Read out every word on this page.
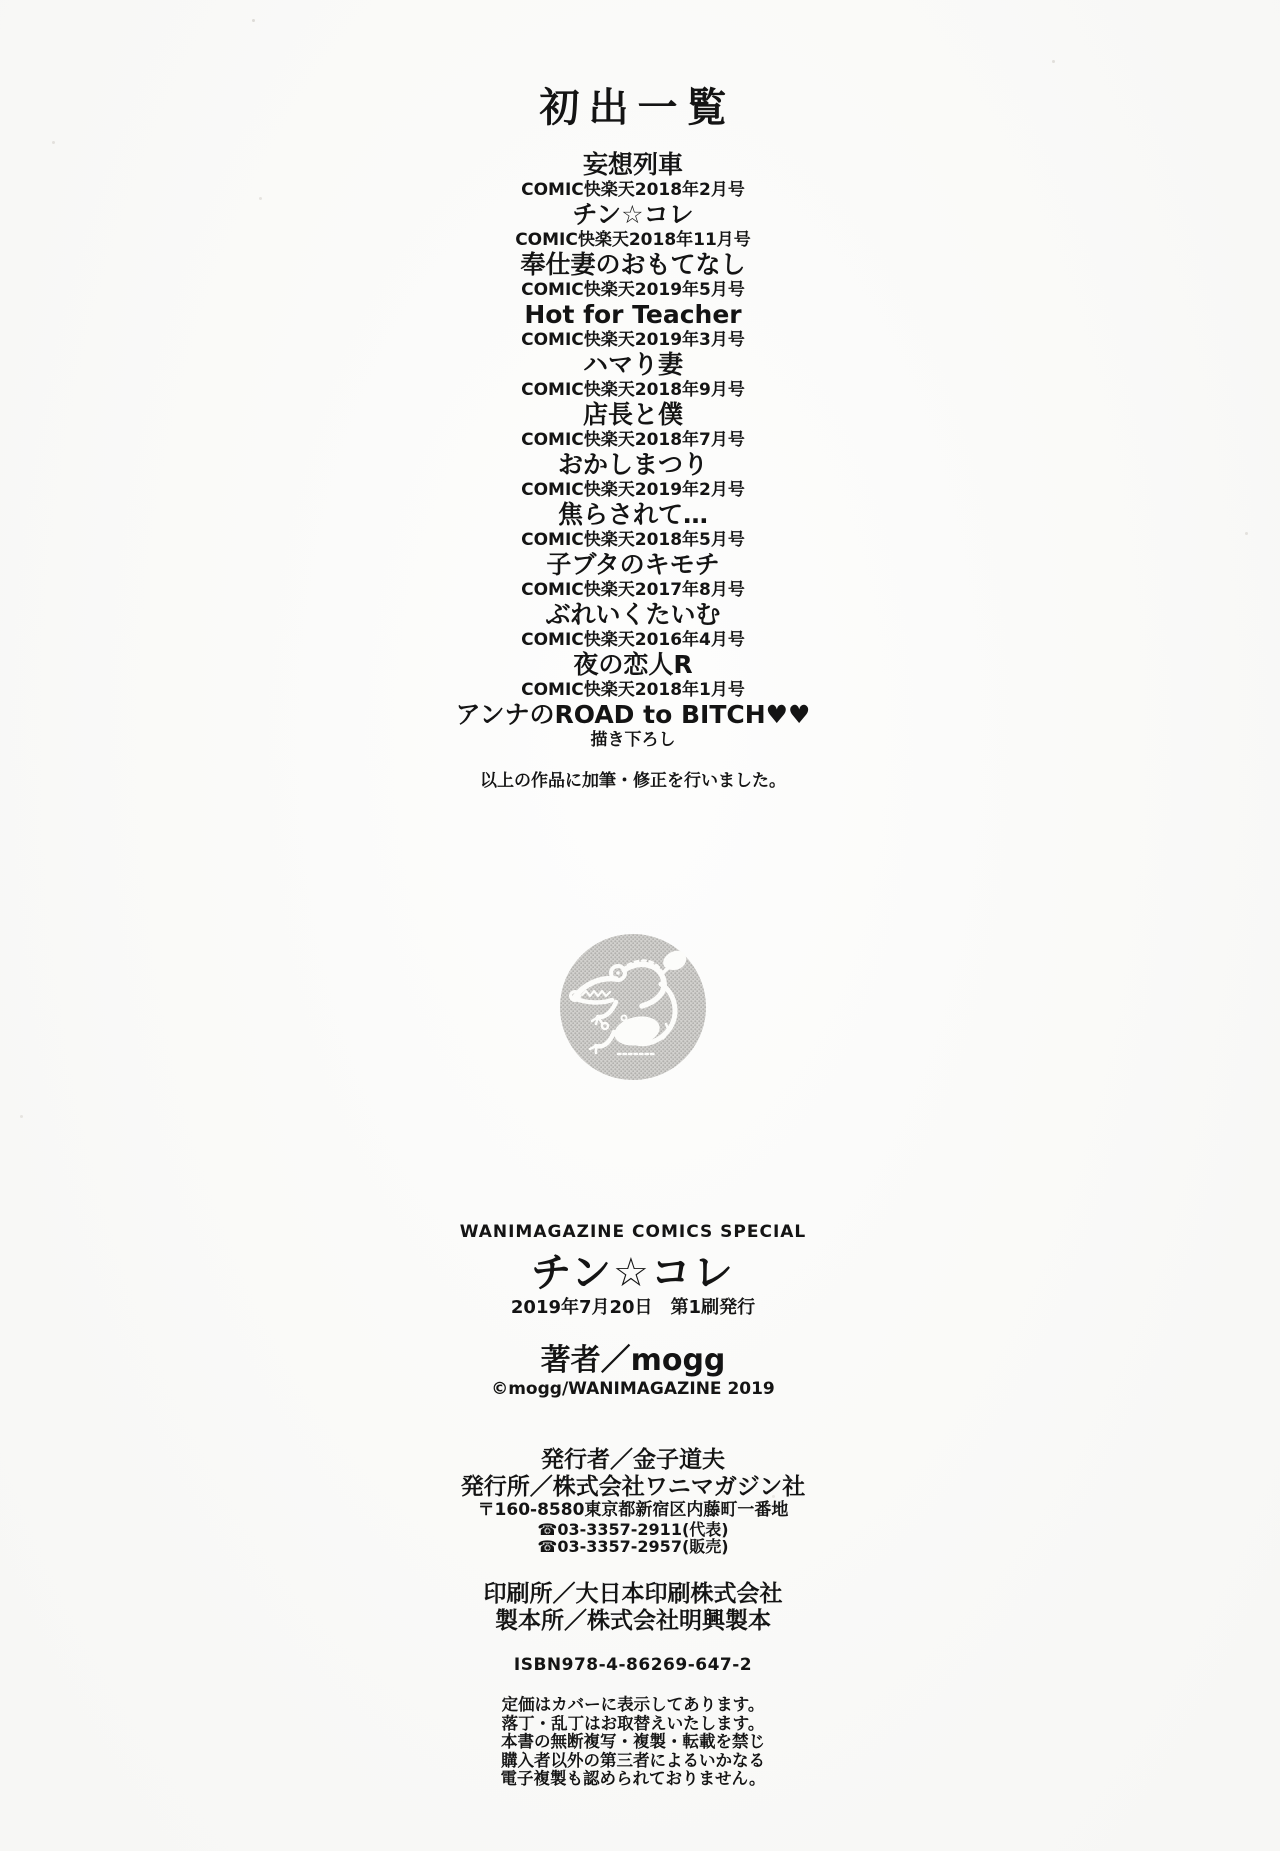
初出一覧
妄想列車
COMIC快楽天2018年2月号
チン☆コレ
COMIC快楽天2018年11月号
奉仕妻のおもてなし
COMIC快楽天2019年5月号
Hot for Teacher
COMIC快楽天2019年3月号
ハマり妻
COMIC快楽天2018年9月号
店長と僕
COMIC快楽天2018年7月号
おかしまつり
COMIC快楽天2019年2月号
焦らされて…
COMIC快楽天2018年5月号
子ブタのキモチ
COMIC快楽天2017年8月号
ぶれいくたいむ
COMIC快楽天2016年4月号
夜の恋人R
COMIC快楽天2018年1月号
アンナのROAD to BITCH♥♥
描き下ろし
以上の作品に加筆・修正を行いました。
WANIMAGAZINE COMICS SPECIAL
チン☆コレ
2019年7月20日　第1刷発行
著者／mogg
©mogg/WANIMAGAZINE 2019
発行者／金子道夫
発行所／株式会社ワニマガジン社
〒160-8580東京都新宿区内藤町一番地
☎03-3357-2911(代表)
☎03-3357-2957(販売)
印刷所／大日本印刷株式会社
製本所／株式会社明興製本
ISBN978-4-86269-647-2
定価はカバーに表示してあります。
落丁・乱丁はお取替えいたします。
本書の無断複写・複製・転載を禁じ
購入者以外の第三者によるいかなる
電子複製も認められておりません。
